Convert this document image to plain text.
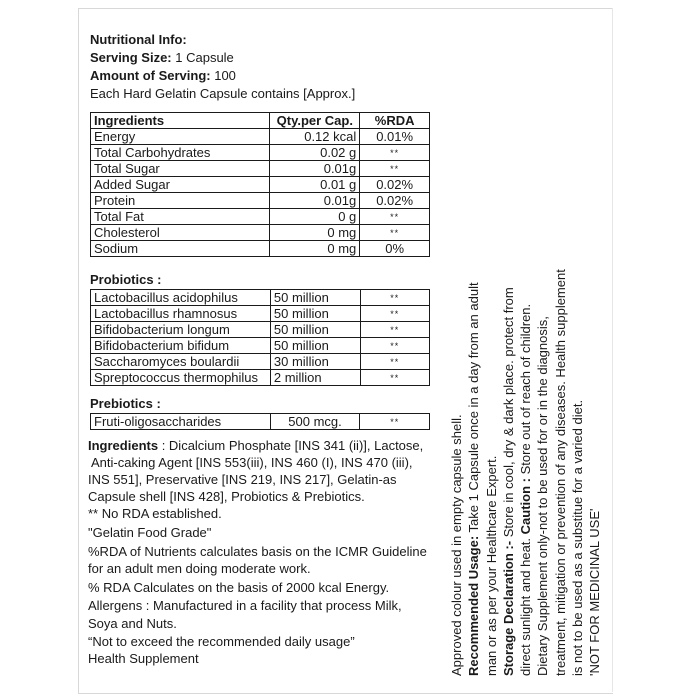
Nutritional Info:
Serving Size: 1 Capsule
Amount of Serving: 100
Each Hard Gelatin Capsule contains [Approx.]
Ingredients	Qty.per Cap.	%RDA
Energy	0.12 kcal	0.01%
Total Carbohydrates	0.02 g	**
Total Sugar	0.01g	**
Added Sugar	0.01 g	0.02%
Protein	0.01g	0.02%
Total Fat	0 g	**
Cholesterol	0 mg	**
Sodium	0 mg	0%
Probiotics :
Lactobacillus acidophilus	50 million	**
Lactobacillus rhamnosus	50 million	**
Bifidobacterium longum	50 million	**
Bifidobacterium bifidum	50 million	**
Saccharomyces boulardii	30 million	**
Spreptococcus thermophilus	2 million	**
Prebiotics :
Fruti-oligosaccharides	500 mcg.	**
Ingredients : Dicalcium Phosphate [INS 341 (ii)], Lactose,
Anti-caking Agent [INS 553(iii), INS 460 (I), INS 470 (iii),
INS 551], Preservative [INS 219, INS 217], Gelatin-as
Capsule shell [INS 428], Probiotics & Prebiotics.
** No RDA established.
"Gelatin Food Grade"
%RDA of Nutrients calculates basis on the ICMR Guideline
for an adult men doing moderate work.
% RDA Calculates on the basis of 2000 kcal Energy.
Allergens : Manufactured in a facility that process Milk,
Soya and Nuts.
“Not to exceed the recommended daily usage”
Health Supplement	Approved colour used in empty capsule shell. Recommended Usage: Take 1 Capsule once in a day from an adult
man or as per your Healthcare Expert. Storage Declaration :- Store in cool, dry & dark place. protect from
direct sunlight and heat. Caution : Store out of reach of children. Dietary Supplement only-not to be used for or in the diagnosis, treatment, mitigation or prevention of any diseases. Health supplement is not to be used as a substitue for a varied diet. 'NOT FOR MEDICINAL USE'
